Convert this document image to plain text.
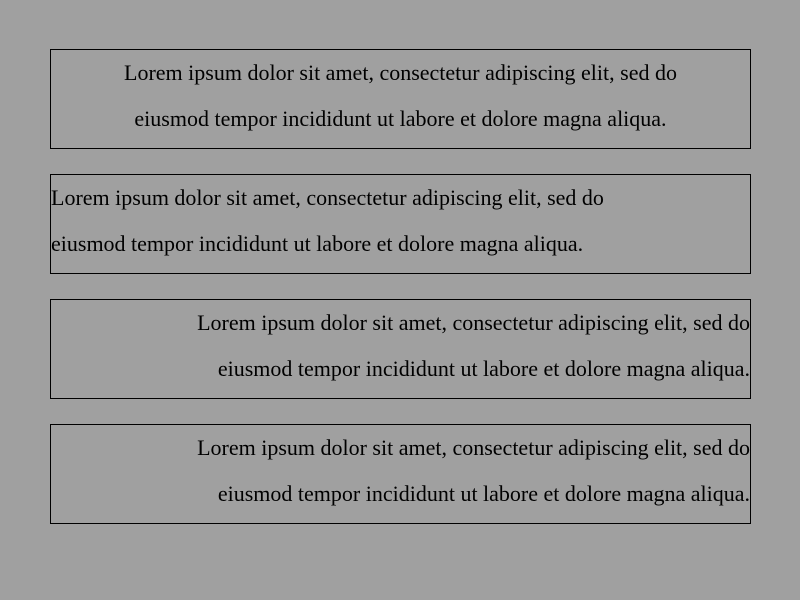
Lorem ipsum dolor sit amet, consectetur adipiscing elit, sed do
eiusmod tempor incididunt ut labore et dolore magna aliqua.
Lorem ipsum dolor sit amet, consectetur adipiscing elit, sed do
eiusmod tempor incididunt ut labore et dolore magna aliqua.
Lorem ipsum dolor sit amet, consectetur adipiscing elit, sed do
eiusmod tempor incididunt ut labore et dolore magna aliqua.
Lorem ipsum dolor sit amet, consectetur adipiscing elit, sed do
eiusmod tempor incididunt ut labore et dolore magna aliqua.
